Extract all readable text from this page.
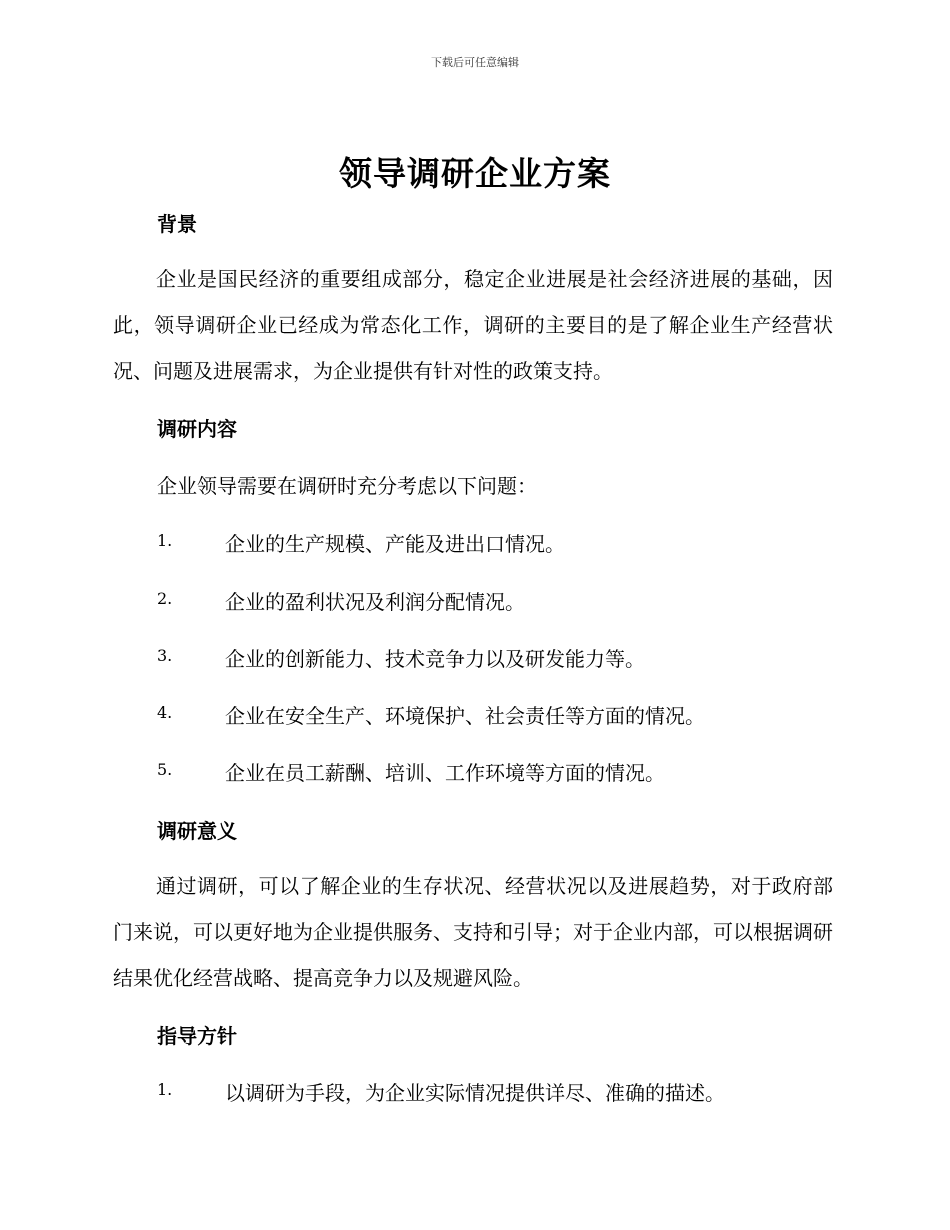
下载后可任意编辑
领导调研企业方案
背景

企业是国民经济的重要组成部分，稳定企业进展是社会经济进展的基础，因此，领导调研企业已经成为常态化工作，调研的主要目的是了解企业生产经营状况、问题及进展需求，为企业提供有针对性的政策支持。

调研内容
企业领导需要在调研时充分考虑以下问题：
1.	企业的生产规模、产能及进出口情况。
2.	企业的盈利状况及利润分配情况。
3.	企业的创新能力、技术竞争力以及研发能力等。
4.	企业在安全生产、环境保护、社会责任等方面的情况。
5.	企业在员工薪酬、培训、工作环境等方面的情况。
调研意义

通过调研，可以了解企业的生存状况、经营状况以及进展趋势，对于政府部门来说，可以更好地为企业提供服务、支持和引导；对于企业内部，可以根据调研结果优化经营战略、提高竞争力以及规避风险。

指导方针
1.	以调研为手段，为企业实际情况提供详尽、准确的描述。
